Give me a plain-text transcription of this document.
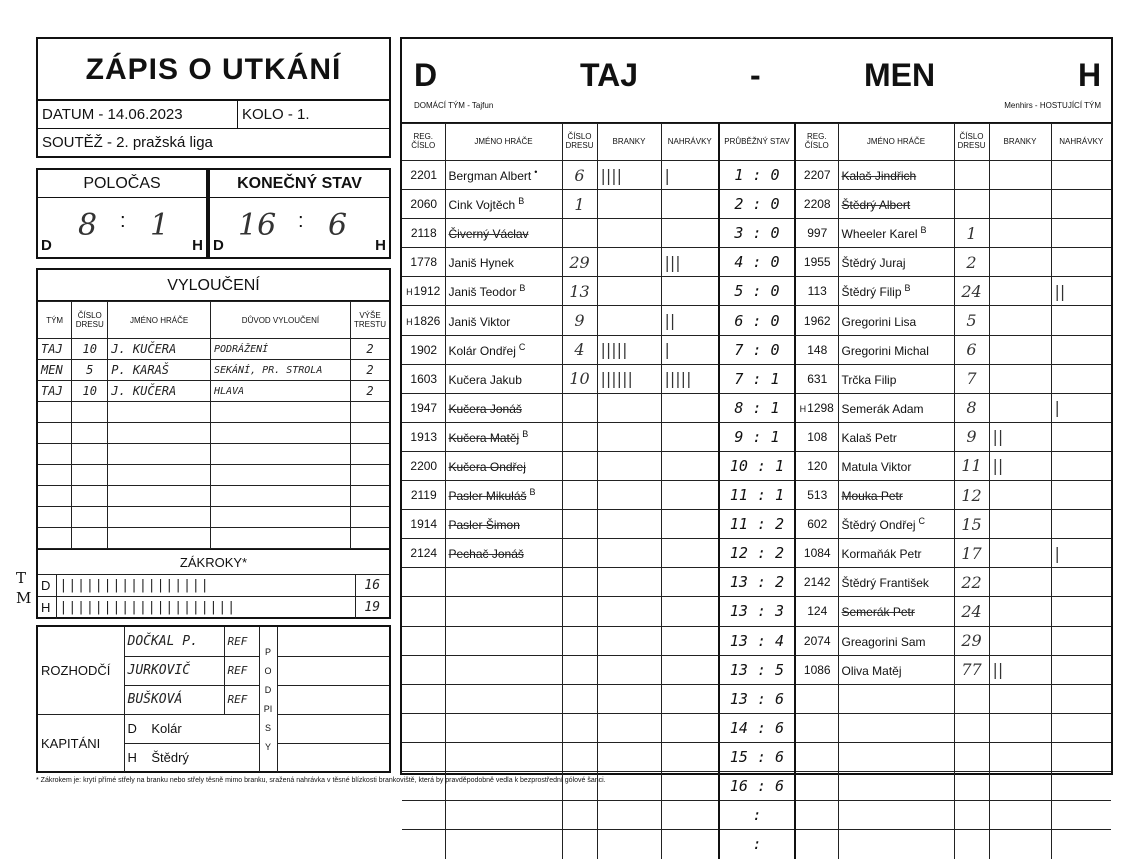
ZÁPIS O UTKÁNÍ
DATUM - 14.06.2023	KOLO - 1.
SOUTĚŽ - 2. pražská liga
POLOČAS
D
8 : 1
H
KONEČNÝ STAV
D
16 : 6
H
VYLOUČENÍ
TÝM	ČÍSLO DRESU	JMÉNO HRÁČE	DŮVOD VYLOUČENÍ	VÝŠE TRESTU
TAJ	10	J. KUČERA	PODRÁŽENÍ	2
MEN	5	P. KARAŠ	SEKÁNÍ, PR. STROLA	2
TAJ	10	J. KUČERA	HLAVA	2

ZÁKROKY*
D	|||||||||||||||||	16
H	||||||||||||||||||||	19
T
M
ROZHODČÍ	DOČKAL P.	REF	PODPISY	
	JURKOVIČ	REF		
	BUŠKOVÁ	REF		
KAPITÁNI	D Kolár			
	H Štědrý			
D	TAJ	-	MEN	H
DOMÁCÍ TÝM - Tajfun	Menhirs - HOSTUJÍCÍ TÝM
REG. ČÍSLO	JMÉNO HRÁČE	ČÍSLO DRESU	BRANKY	NAHRÁVKY	PRŮBĚŽNÝ STAV	REG. ČÍSLO	JMÉNO HRÁČE	ČÍSLO DRESU	BRANKY	NAHRÁVKY
2201	Bergman Albert •	6	||||	|	1 : 0	2207	Kalaš Jindřich			
2060	Cink Vojtěch $^B$	1			2 : 0	2208	Štědrý Albert			
2118	Čiverný Václav				3 : 0	997	Wheeler Karel $^B$	1		
1778	Janiš Hynek	29		|||	4 : 0	1955	Štědrý Juraj	2		
H1912	Janiš Teodor $^B$	13			5 : 0	113	Štědrý Filip $^B$	24		||
H1826	Janiš Viktor	9		||	6 : 0	1962	Gregorini Lisa	5		
1902	Kolár Ondřej $^C$	4	|||||	|	7 : 0	148	Gregorini Michal	6		
1603	Kučera Jakub	10	||||||	|||||	7 : 1	631	Trčka Filip	7		
1947	Kučera Jonáš				8 : 1	H1298	Semerák Adam	8		|
1913	Kučera Matěj $^B$				9 : 1	108	Kalaš Petr	9	||	
2200	Kučera Ondřej				10 : 1	120	Matula Viktor	11	||	
2119	Pasler Mikuláš $^B$				11 : 1	513	Mouka Petr	12		
1914	Pasler Šimon				11 : 2	602	Štědrý Ondřej $^C$	15		
2124	Pechač Jonáš				12 : 2	1084	Kormaňák Petr	17		|
					13 : 2	2142	Štědrý František	22		
					13 : 3	124	Semerák Petr	24		
					13 : 4	2074	Greagorini Sam	29		
					13 : 5	1086	Oliva Matěj	77	||	
					13 : 6					
					14 : 6					
					15 : 6					
					16 : 6					
					:					
					:					
* Zákrokem je: krytí přímé střely na branku nebo střely těsně mimo branku, sražená nahrávka v těsné blízkosti brankoviště, která by pravděpodobně vedla k bezprostřední gólové šanci.
